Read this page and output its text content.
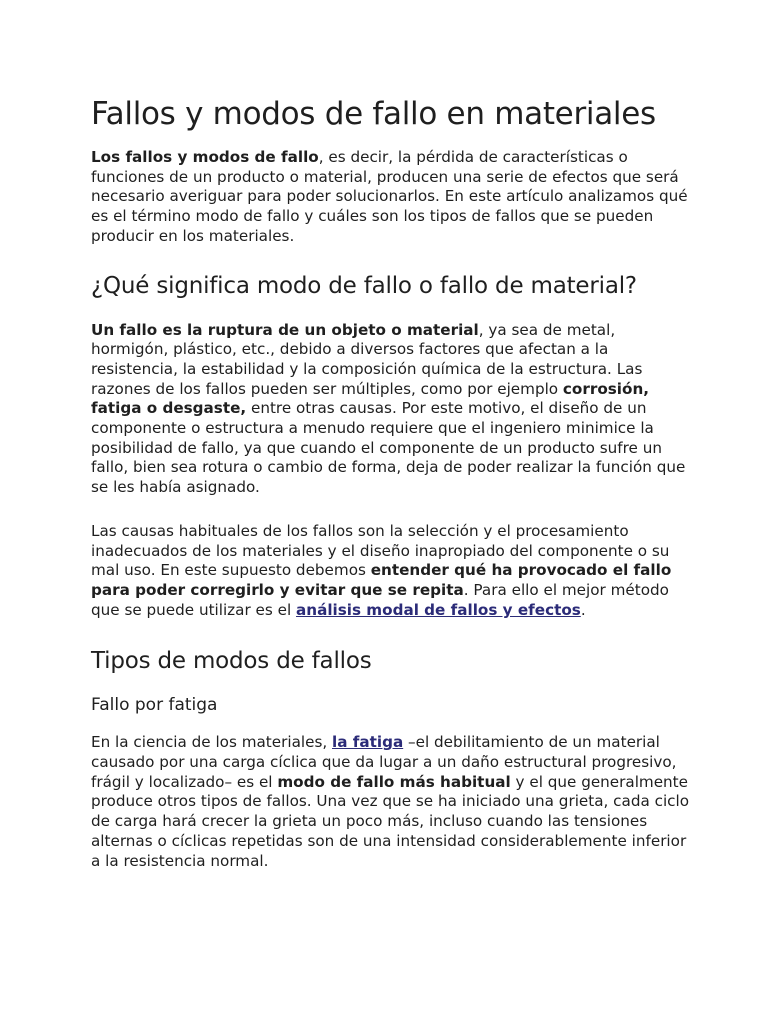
Fallos y modos de fallo en materiales

Los fallos y modos de fallo, es decir, la pérdida de características o funciones de un producto o material, producen una serie de efectos que será necesario averiguar para poder solucionarlos. En este artículo analizamos qué es el término modo de fallo y cuáles son los tipos de fallos que se pueden producir en los materiales.

¿Qué significa modo de fallo o fallo de material?

Un fallo es la ruptura de un objeto o material, ya sea de metal, hormigón, plástico, etc., debido a diversos factores que afectan a la resistencia, la estabilidad y la composición química de la estructura. Las razones de los fallos pueden ser múltiples, como por ejemplo corrosión, fatiga o desgaste, entre otras causas. Por este motivo, el diseño de un componente o estructura a menudo requiere que el ingeniero minimice la posibilidad de fallo, ya que cuando el componente de un producto sufre un fallo, bien sea rotura o cambio de forma, deja de poder realizar la función que se les había asignado.

Las causas habituales de los fallos son la selección y el procesamiento inadecuados de los materiales y el diseño inapropiado del componente o su mal uso. En este supuesto debemos entender qué ha provocado el fallo para poder corregirlo y evitar que se repita. Para ello el mejor método que se puede utilizar es el análisis modal de fallos y efectos.

Tipos de modos de fallos
Fallo por fatiga

En la ciencia de los materiales, la fatiga –el debilitamiento de un material causado por una carga cíclica que da lugar a un daño estructural progresivo, frágil y localizado– es el modo de fallo más habitual y el que generalmente produce otros tipos de fallos. Una vez que se ha iniciado una grieta, cada ciclo de carga hará crecer la grieta un poco más, incluso cuando las tensiones alternas o cíclicas repetidas son de una intensidad considerablemente inferior a la resistencia normal.
